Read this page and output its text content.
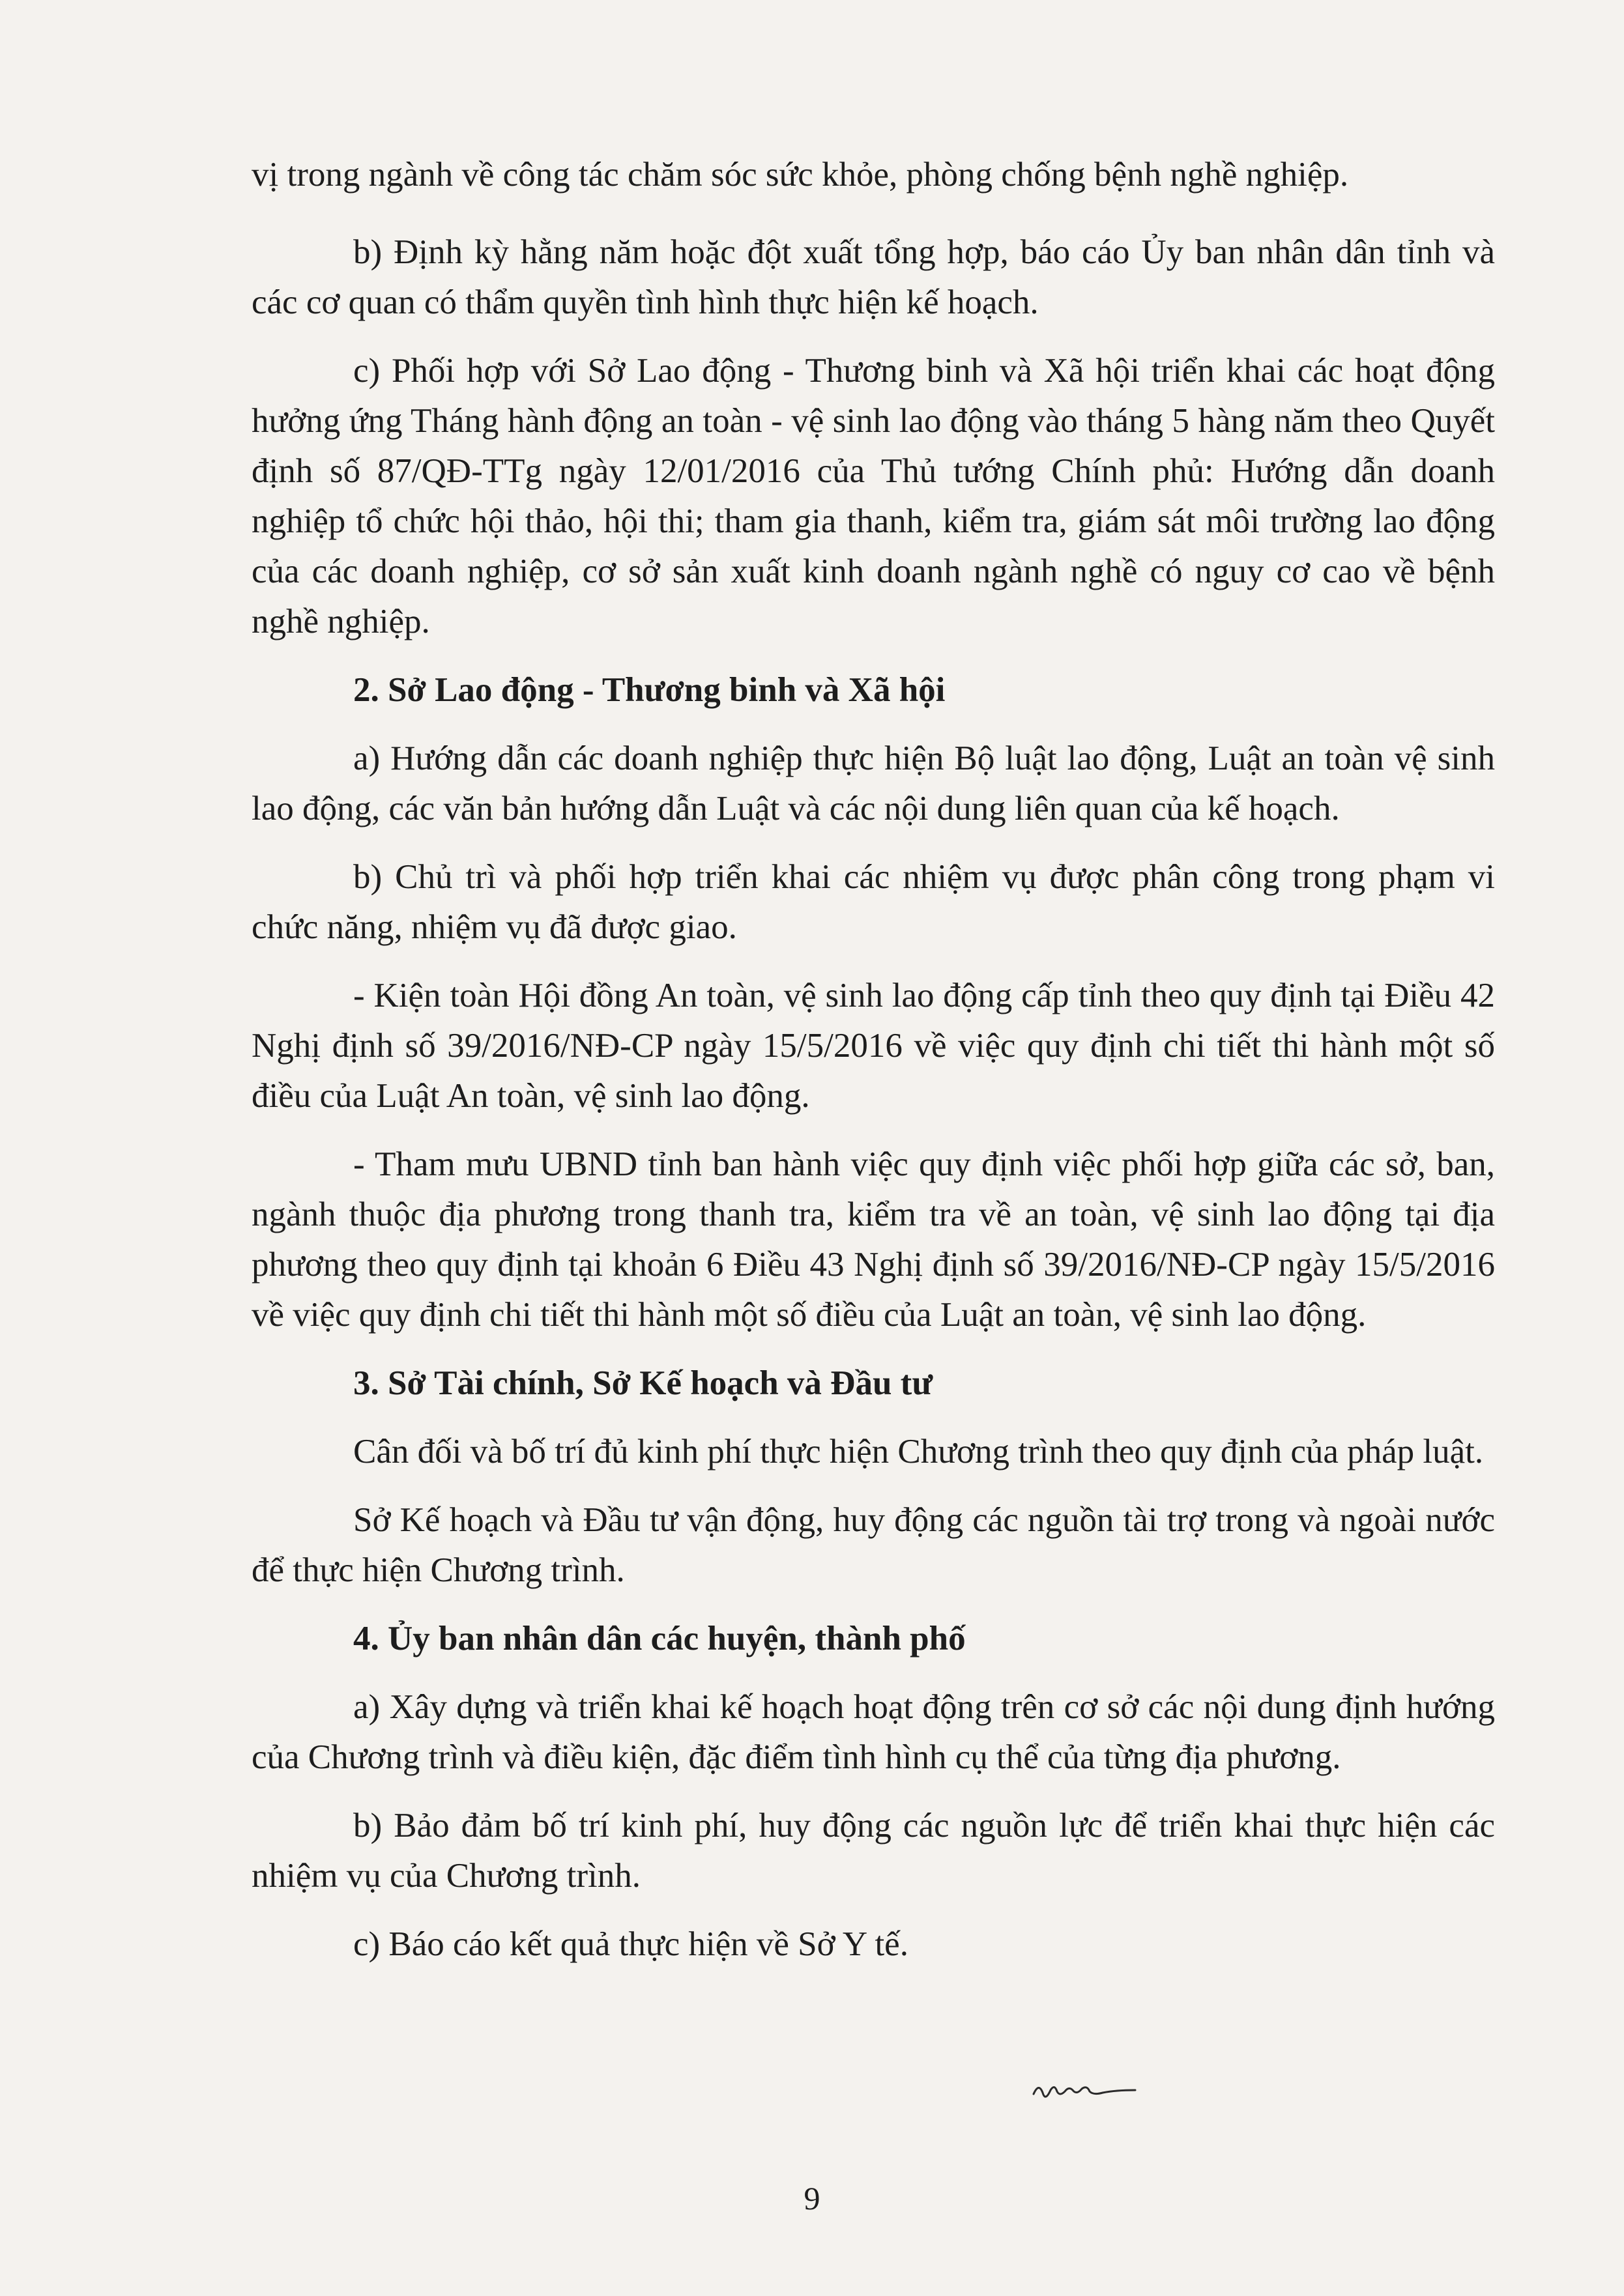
vị trong ngành về công tác chăm sóc sức khỏe, phòng chống bệnh nghề nghiệp.

b) Định kỳ hằng năm hoặc đột xuất tổng hợp, báo cáo Ủy ban nhân dân tỉnh và các cơ quan có thẩm quyền tình hình thực hiện kế hoạch.

c) Phối hợp với Sở Lao động - Thương binh và Xã hội triển khai các hoạt động hưởng ứng Tháng hành động an toàn - vệ sinh lao động vào tháng 5 hàng năm theo Quyết định số 87/QĐ-TTg ngày 12/01/2016 của Thủ tướng Chính phủ: Hướng dẫn doanh nghiệp tổ chức hội thảo, hội thi; tham gia thanh, kiểm tra, giám sát môi trường lao động của các doanh nghiệp, cơ sở sản xuất kinh doanh ngành nghề có nguy cơ cao về bệnh nghề nghiệp.

2. Sở Lao động - Thương binh và Xã hội

a) Hướng dẫn các doanh nghiệp thực hiện Bộ luật lao động, Luật an toàn vệ sinh lao động, các văn bản hướng dẫn Luật và các nội dung liên quan của kế hoạch.

b) Chủ trì và phối hợp triển khai các nhiệm vụ được phân công trong phạm vi chức năng, nhiệm vụ đã được giao.

- Kiện toàn Hội đồng An toàn, vệ sinh lao động cấp tỉnh theo quy định tại Điều 42 Nghị định số 39/2016/NĐ-CP ngày 15/5/2016 về việc quy định chi tiết thi hành một số điều của Luật An toàn, vệ sinh lao động.

- Tham mưu UBND tỉnh ban hành việc quy định việc phối hợp giữa các sở, ban, ngành thuộc địa phương trong thanh tra, kiểm tra về an toàn, vệ sinh lao động tại địa phương theo quy định tại khoản 6 Điều 43 Nghị định số 39/2016/NĐ-CP ngày 15/5/2016 về việc quy định chi tiết thi hành một số điều của Luật an toàn, vệ sinh lao động.

3. Sở Tài chính, Sở Kế hoạch và Đầu tư

Cân đối và bố trí đủ kinh phí thực hiện Chương trình theo quy định của pháp luật.

Sở Kế hoạch và Đầu tư vận động, huy động các nguồn tài trợ trong và ngoài nước để thực hiện Chương trình.

4. Ủy ban nhân dân các huyện, thành phố

a) Xây dựng và triển khai kế hoạch hoạt động trên cơ sở các nội dung định hướng của Chương trình và điều kiện, đặc điểm tình hình cụ thể của từng địa phương.

b) Bảo đảm bố trí kinh phí, huy động các nguồn lực để triển khai thực hiện các nhiệm vụ của Chương trình.

c) Báo cáo kết quả thực hiện về Sở Y tế.

9
